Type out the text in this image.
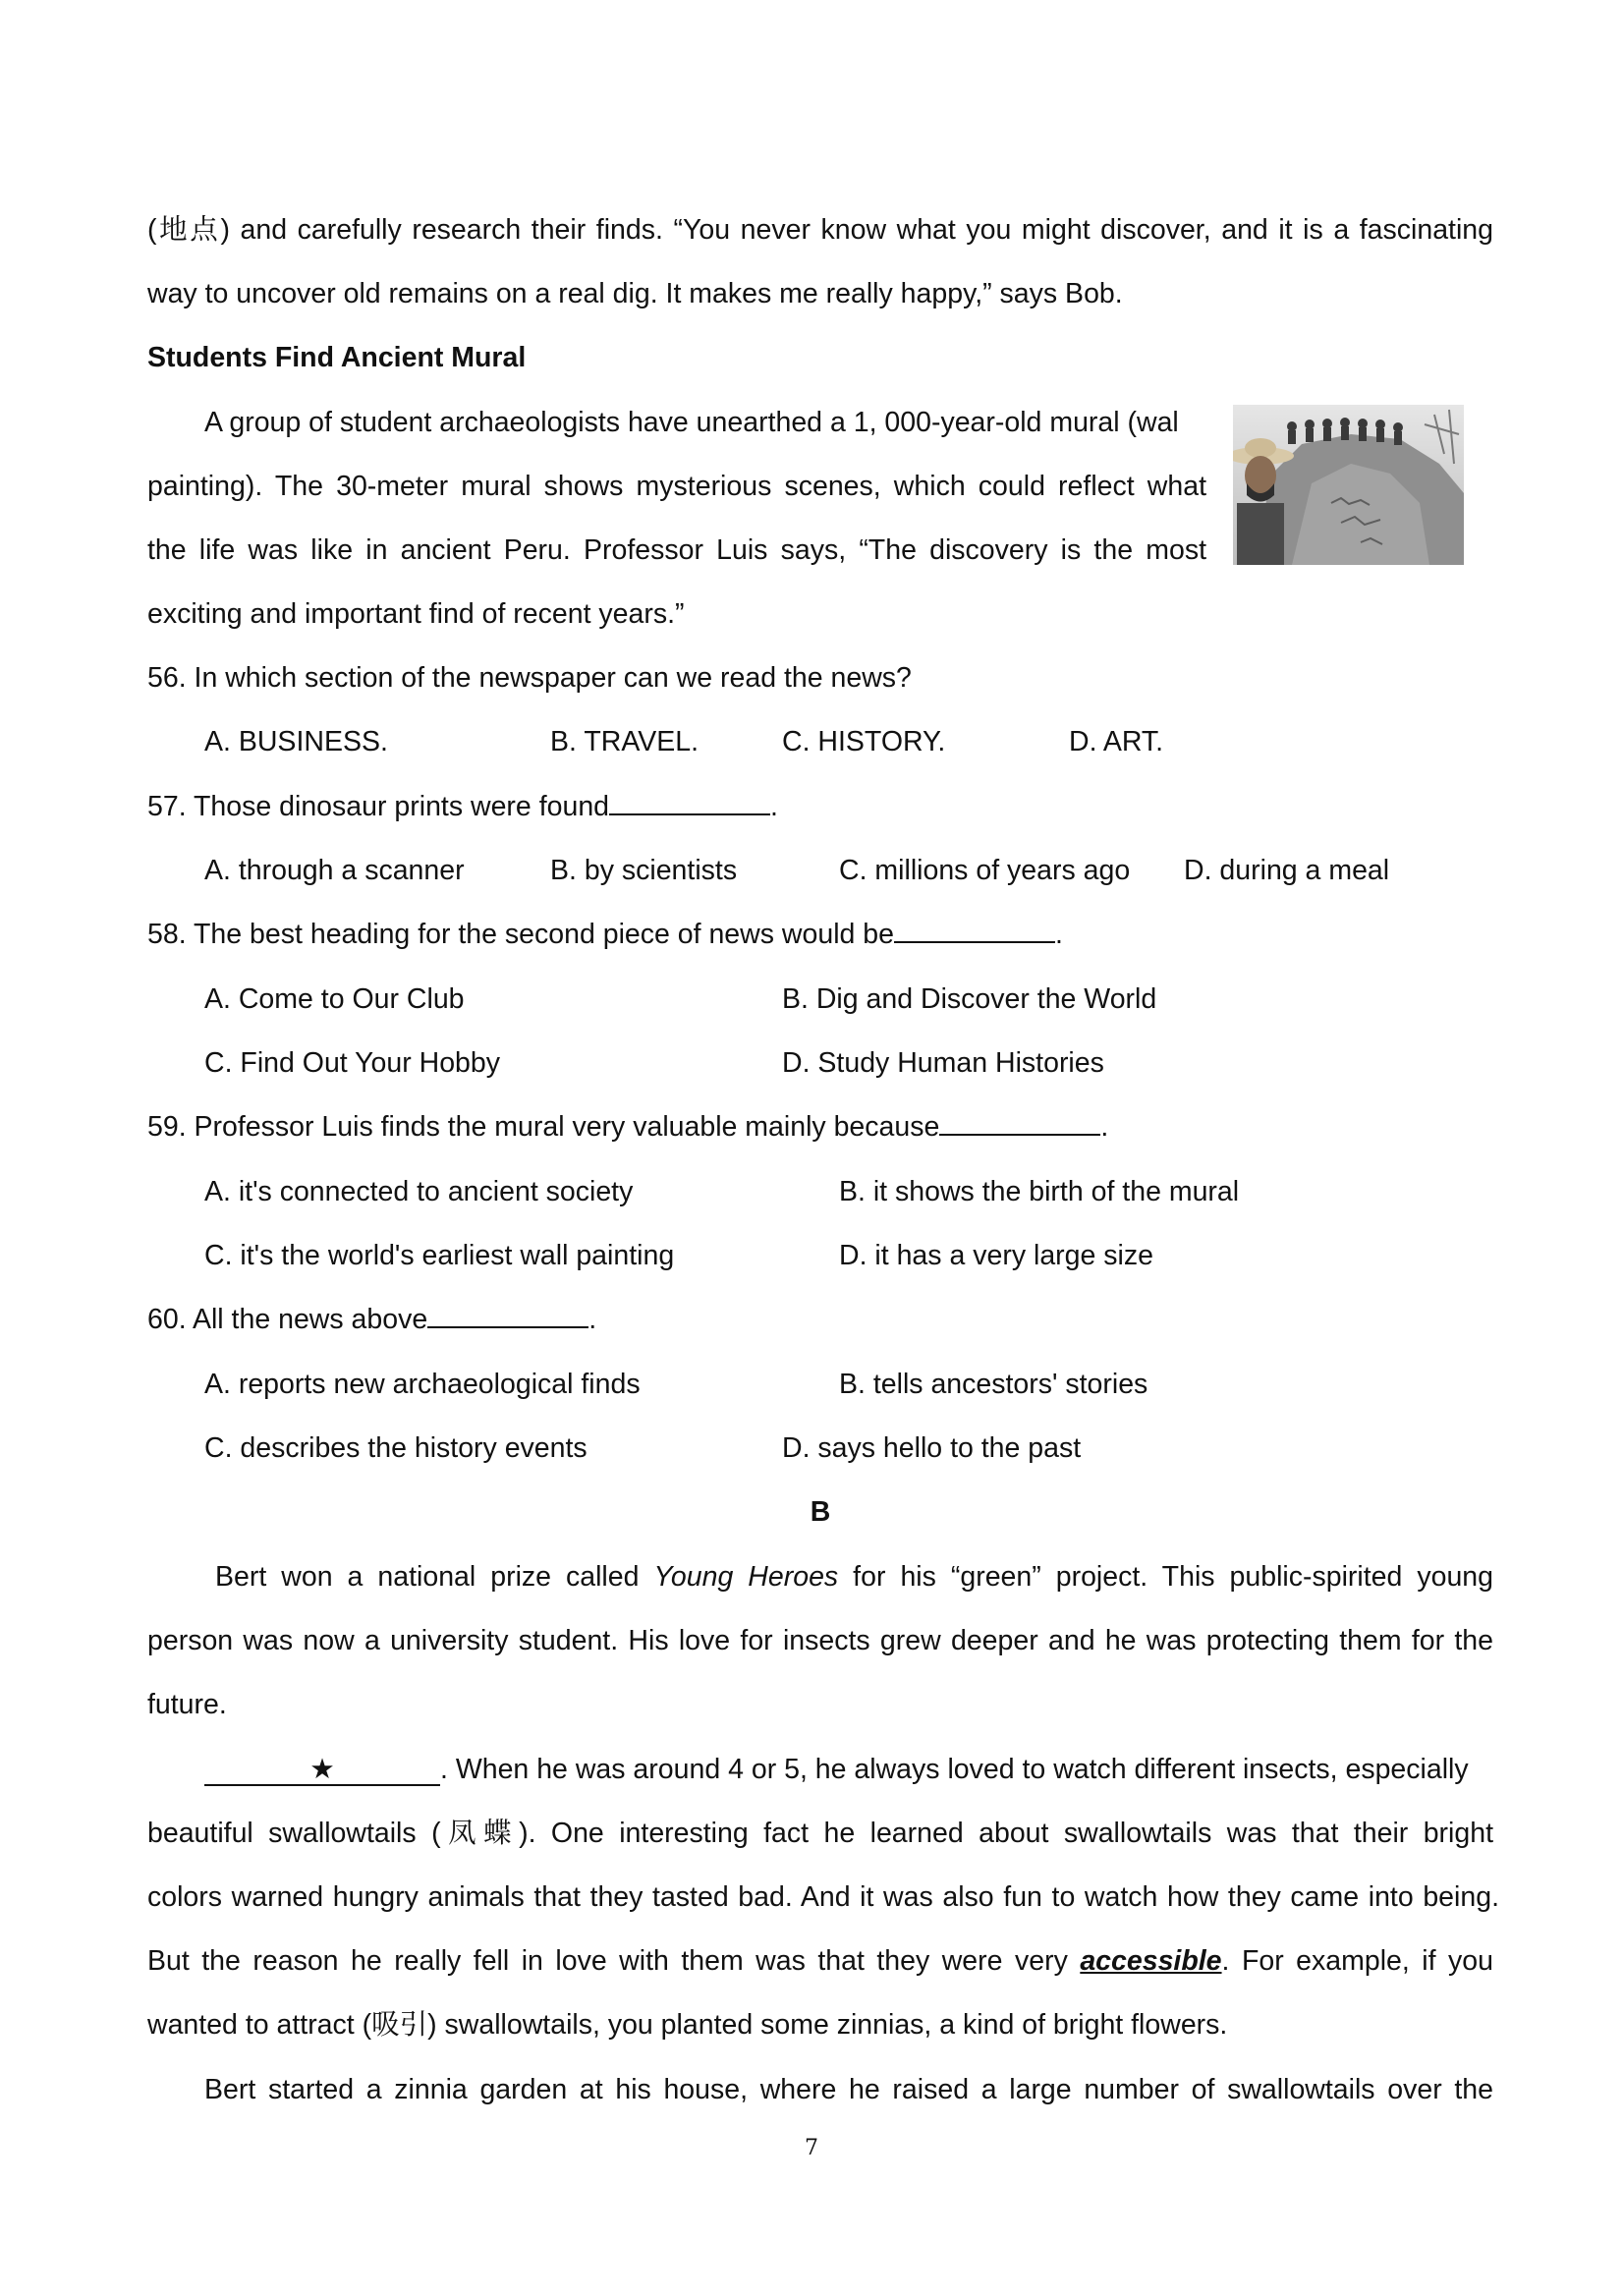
(地点) and carefully research their finds. “You never know what you might discover, and it is a fascinating
way to uncover old remains on a real dig. It makes me really happy,” says Bob.
Students Find Ancient Mural
A group of student archaeologists have unearthed a 1, 000-year-old mural (wal
painting). The 30-meter mural shows mysterious scenes, which could reflect what
the life was like in ancient Peru. Professor Luis says, “The discovery is the most
exciting and important find of recent years.”
56. In which section of the newspaper can we read the news?
A. BUSINESS.	B. TRAVEL.	C. HISTORY.	D. ART.
57. Those dinosaur prints were found	.
A. through a scanner	B. by scientists	C. millions of years ago D. during a meal
58. The best heading for the second piece of news would be	.
A. Come to Our Club	B. Dig and Discover the World
C. Find Out Your Hobby	D. Study Human Histories
59. Professor Luis finds the mural very valuable mainly because	.
A. it's connected to ancient society	B. it shows the birth of the mural
C. it's the world's earliest wall painting	D. it has a very large size
60. All the news above	.
A. reports new archaeological finds	B. tells ancestors' stories
C. describes the history events	D. says hello to the past
B
Bert won a national prize called Young Heroes for his “green” project. This public-spirited young
person was now a university student. His love for insects grew deeper and he was protecting them for the
future.
★	. When he was around 4 or 5, he always loved to watch different insects, especially
beautiful swallowtails (凤蝶). One interesting fact he learned about swallowtails was that their bright
colors warned hungry animals that they tasted bad. And it was also fun to watch how they came into being.
But the reason he really fell in love with them was that they were very accessible. For example, if you
wanted to attract (吸引) swallowtails, you planted some zinnias, a kind of bright flowers.
Bert started a zinnia garden at his house, where he raised a large number of swallowtails over the
7
